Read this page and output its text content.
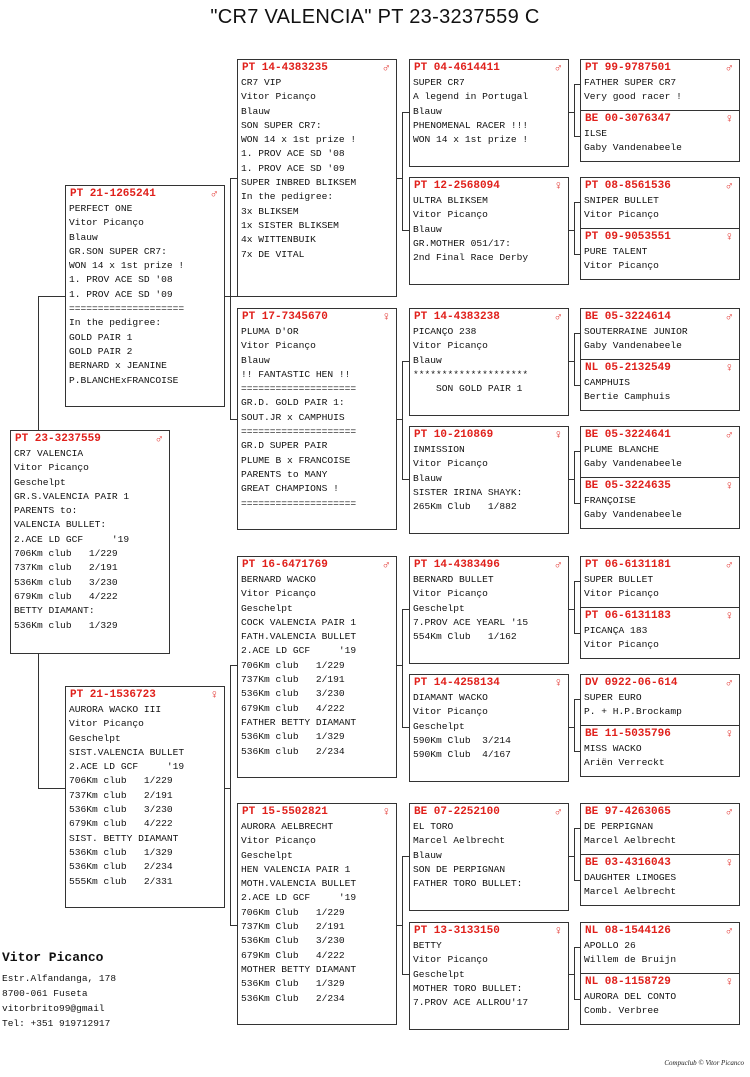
"CR7 VALENCIA" PT 23-3237559 C
PT 23-3237559	♂
CR7 VALENCIA
Vitor Picanço
Geschelpt
GR.S.VALENCIA PAIR 1
PARENTS to:
VALENCIA BULLET:
2.ACE LD GCF     '19
706Km club   1/229
737Km club   2/191
536Km club   3/230
679Km club   4/222
BETTY DIAMANT:
536Km club   1/329
PT 21-1265241	♂
PERFECT ONE
Vitor Picanço
Blauw
GR.SON SUPER CR7:
WON 14 x 1st prize !
1. PROV ACE SD '08
1. PROV ACE SD '09
====================
In the pedigree:
GOLD PAIR 1
GOLD PAIR 2
BERNARD x JEANINE
P.BLANCHExFRANCOISE
PT 21-1536723	♀
AURORA WACKO III
Vitor Picanço
Geschelpt
SIST.VALENCIA BULLET
2.ACE LD GCF     '19
706Km club   1/229
737Km club   2/191
536Km club   3/230
679Km club   4/222
SIST. BETTY DIAMANT
536Km club   1/329
536Km club   2/234
555Km club   2/331
PT 14-4383235	♂
CR7 VIP
Vitor Picanço
Blauw
SON SUPER CR7:
WON 14 x 1st prize !
1. PROV ACE SD '08
1. PROV ACE SD '09
SUPER INBRED BLIKSEM
In the pedigree:
3x BLIKSEM
1x SISTER BLIKSEM
4x WITTENBUIK
7x DE VITAL
PT 17-7345670	♀
PLUMA D'OR
Vitor Picanço
Blauw
!! FANTASTIC HEN !!
====================
GR.D. GOLD PAIR 1:
SOUT.JR x CAMPHUIS
====================
GR.D SUPER PAIR
PLUME B x FRANCOISE
PARENTS to MANY
GREAT CHAMPIONS !
====================
PT 16-6471769	♂
BERNARD WACKO
Vitor Picanço
Geschelpt
COCK VALENCIA PAIR 1
FATH.VALENCIA BULLET
2.ACE LD GCF     '19
706Km club   1/229
737Km club   2/191
536Km club   3/230
679Km club   4/222
FATHER BETTY DIAMANT
536Km club   1/329
536Km club   2/234
PT 15-5502821	♀
AURORA AELBRECHT
Vitor Picanço
Geschelpt
HEN VALENCIA PAIR 1
MOTH.VALENCIA BULLET
2.ACE LD GCF     '19
706Km Club   1/229
737Km Club   2/191
536Km Club   3/230
679Km Club   4/222
MOTHER BETTY DIAMANT
536Km Club   1/329
536Km Club   2/234
PT 04-4614411	♂
SUPER CR7
A legend in Portugal
Blauw
PHENOMENAL RACER !!!
WON 14 x 1st prize !
PT 12-2568094	♀
ULTRA BLIKSEM
Vitor Picanço
Blauw
GR.MOTHER 051/17:
2nd Final Race Derby
PT 14-4383238	♂
PICANÇO 238
Vitor Picanço
Blauw
********************
SON GOLD PAIR 1
PT 10-210869	♀
INMISSION
Vitor Picanço
Blauw
SISTER IRINA SHAYK:
265Km Club   1/882
PT 14-4383496	♂
BERNARD BULLET
Vitor Picanço
Geschelpt
7.PROV ACE YEARL '15
554Km Club   1/162
PT 14-4258134	♀
DIAMANT WACKO
Vitor Picanço
Geschelpt
590Km Club  3/214
590Km Club  4/167
BE 07-2252100	♂
EL TORO
Marcel Aelbrecht
Blauw
SON DE PERPIGNAN
FATHER TORO BULLET:
PT 13-3133150	♀
BETTY
Vitor Picanço
Geschelpt
MOTHER TORO BULLET:
7.PROV ACE ALLROU'17
PT 99-9787501	♂
FATHER SUPER CR7
Very good racer !
BE 00-3076347	♀
ILSE
Gaby Vandenabeele
PT 08-8561536	♂
SNIPER BULLET
Vitor Picanço
PT 09-9053551	♀
PURE TALENT
Vitor Picanço
BE 05-3224614	♂
SOUTERRAINE JUNIOR
Gaby Vandenabeele
NL 05-2132549	♀
CAMPHUIS
Bertie Camphuis
BE 05-3224641	♂
PLUME BLANCHE
Gaby Vandenabeele
BE 05-3224635	♀
FRANÇOISE
Gaby Vandenabeele
PT 06-6131181	♂
SUPER BULLET
Vitor Picanço
PT 06-6131183	♀
PICANÇA 183
Vitor Picanço
DV 0922-06-614	♂
SUPER EURO
P. + H.P.Brockamp
BE 11-5035796	♀
MISS WACKO
Ariën Verreckt
BE 97-4263065	♂
DE PERPIGNAN
Marcel Aelbrecht
BE 03-4316043	♀
DAUGHTER LIMOGES
Marcel Aelbrecht
NL 08-1544126	♂
APOLLO 26
Willem de Bruijn
NL 08-1158729	♀
AURORA DEL CONTO
Comb. Verbree
Vitor Picanco
Estr.Alfandanga, 178
8700-061 Fuseta
vitorbrito99@gmail
Tel: +351 919712917
Compuclub © Vitor Picanco
